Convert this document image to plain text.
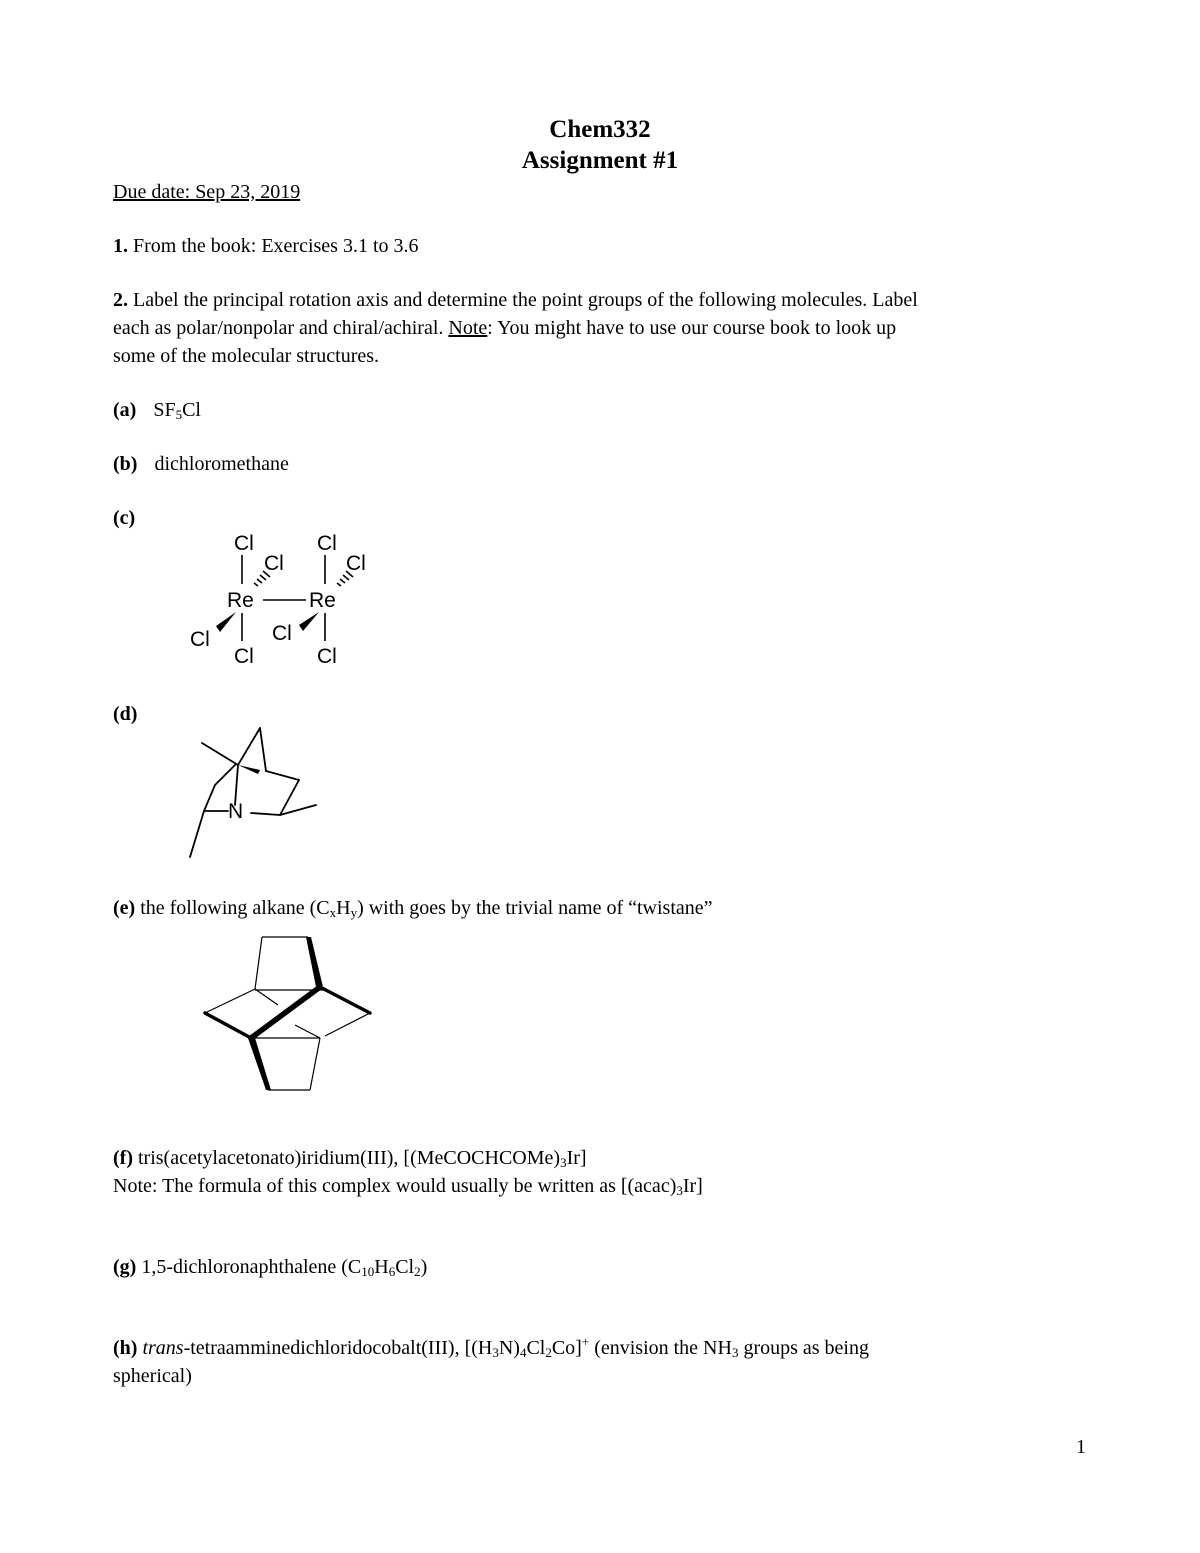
Chem332
Assignment #1
Due date: Sep 23, 2019
1. From the book: Exercises 3.1 to 3.6
2. Label the principal rotation axis and determine the point groups of the following molecules. Label
each as polar/nonpolar and chiral/achiral. Note: You might have to use our course book to look up
some of the molecular structures.
(a) $SF_5Cl$
(b) dichloromethane
(c)
Cl
Cl
Re
Cl
Cl
Cl
Cl
Re
Cl
Cl
(d)
N
(e) the following alkane $(C_xH_y)$ with goes by the trivial name of “twistane”
(f) tris(acetylacetonato)iridium(III), $[(MeCOCHCOMe)_3Ir]$
Note: The formula of this complex would usually be written as $[(acac)_3Ir]$
(g) 1,5-dichloronaphthalene $(C_{10}H_6Cl_2)$
(h) trans-tetraamminedichloridocobalt(III), $[(H_3N)_4Cl_2Co]^+$ (envision the $NH_3$ groups as being
spherical)
1
